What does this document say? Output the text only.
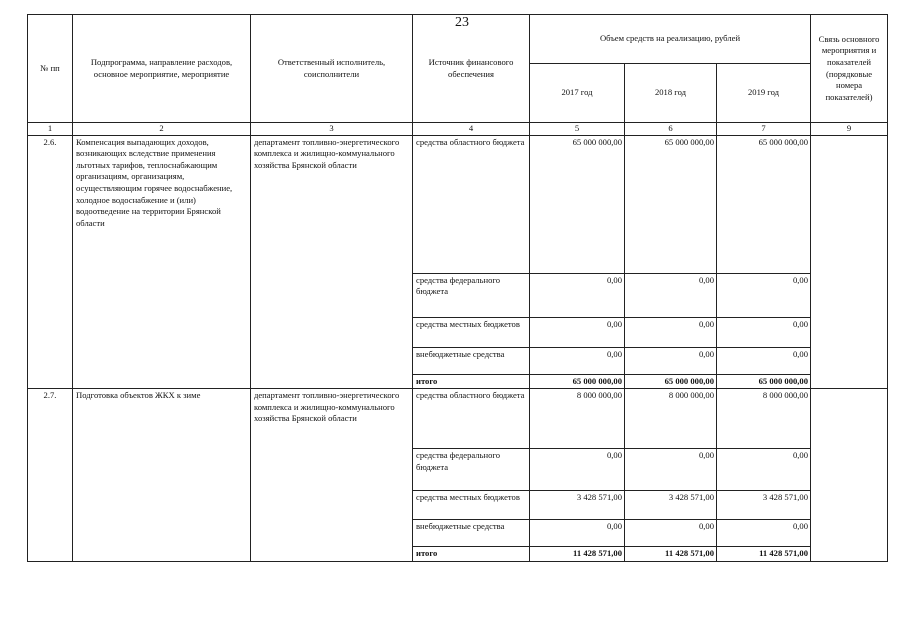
23
№ пп	Подпрограмма, направление расходов, основное мероприятие, мероприятие	Ответственный исполнитель, соисполнители	Источник финансового обеспечения	Объем средств на реализацию, рублей			Связь основного мероприятия и показателей (порядковые номера показателей)
				2017 год	2018 год	2019 год	
1	2	3	4	5	6	7	9
2.6.	Компенсация выпадающих доходов, возникающих вследствие применения льготных тарифов, теплоснабжающим организациям, организациям, осуществляющим горячее водоснабжение, холодное водоснабжение и (или) водоотведение на территории Брянской области	департамент топливно-энергетического комплекса и жилищно-коммунального хозяйства Брянской области	средства областного бюджета	65 000 000,00	65 000 000,00	65 000 000,00	
			средства федерального бюджета	0,00	0,00	0,00	
			средства местных бюджетов	0,00	0,00	0,00	
			внебюджетные средства	0,00	0,00	0,00	
			итого	65 000 000,00	65 000 000,00	65 000 000,00	
2.7.	Подготовка объектов ЖКХ к зиме	департамент топливно-энергетического комплекса и жилищно-коммунального хозяйства Брянской области	средства областного бюджета	8 000 000,00	8 000 000,00	8 000 000,00	
			средства федерального бюджета	0,00	0,00	0,00	
			средства местных бюджетов	3 428 571,00	3 428 571,00	3 428 571,00	
			внебюджетные средства	0,00	0,00	0,00	
			итого	11 428 571,00	11 428 571,00	11 428 571,00	
